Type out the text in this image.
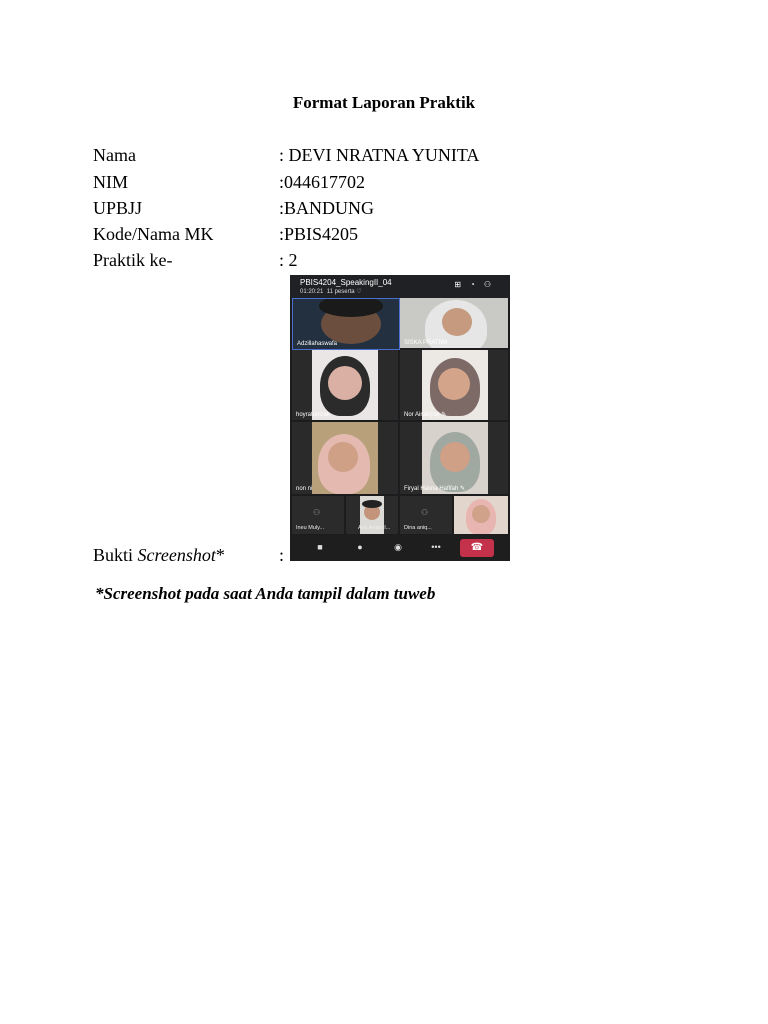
Format Laporan Praktik
Nama	: DEVI NRATNA YUNITA
NIM	:044617702
UPBJJ	:BANDUNG
Kode/Nama MK	:PBIS4205
Praktik ke-	: 2
Bukti Screenshot*	:
PBIS4204_SpeakingII_04
01:20:21 11 peserta ♡
⊞◔⚇
Adzillahaswafa	SISKA PRATIWI
hoyratunizak	Nor Ainah(ra) ✎
non ni	Firyal Hasna Hafifah ✎
⚇
Ineu Muly...	Ayu Ariani I...
⚇
Dina aniq...
■	●	◉	•••	☎
*Screenshot pada saat Anda tampil dalam tuweb
